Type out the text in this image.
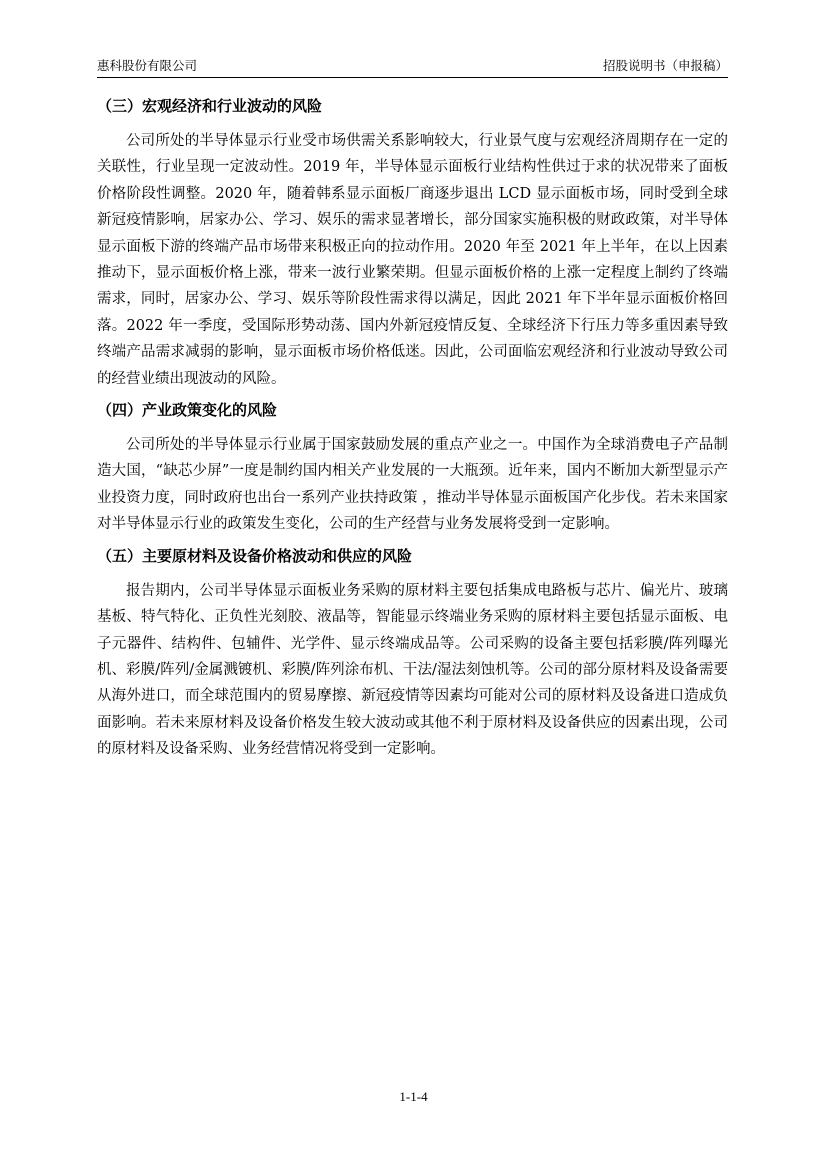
惠科股份有限公司	招股说明书（申报稿）
（三）宏观经济和行业波动的风险

公司所处的半导体显示行业受市场供需关系影响较大，行业景气度与宏观经济周期存在一定的关联性，行业呈现一定波动性。2019 年，半导体显示面板行业结构性供过于求的状况带来了面板价格阶段性调整。2020 年，随着韩系显示面板厂商逐步退出 LCD 显示面板市场，同时受到全球新冠疫情影响，居家办公、学习、娱乐的需求显著增长，部分国家实施积极的财政政策，对半导体显示面板下游的终端产品市场带来积极正向的拉动作用。2020 年至 2021 年上半年，在以上因素推动下，显示面板价格上涨，带来一波行业繁荣期。但显示面板价格的上涨一定程度上制约了终端需求，同时，居家办公、学习、娱乐等阶段性需求得以满足，因此 2021 年下半年显示面板价格回落。2022 年一季度，受国际形势动荡、国内外新冠疫情反复、全球经济下行压力等多重因素导致终端产品需求减弱的影响，显示面板市场价格低迷。因此，公司面临宏观经济和行业波动导致公司的经营业绩出现波动的风险。

（四）产业政策变化的风险

公司所处的半导体显示行业属于国家鼓励发展的重点产业之一。中国作为全球消费电子产品制造大国，“缺芯少屏”一度是制约国内相关产业发展的一大瓶颈。近年来，国内不断加大新型显示产业投资力度，同时政府也出台一系列产业扶持政策 ，推动半导体显示面板国产化步伐。若未来国家对半导体显示行业的政策发生变化，公司的生产经营与业务发展将受到一定影响。

（五）主要原材料及设备价格波动和供应的风险

报告期内，公司半导体显示面板业务采购的原材料主要包括集成电路板与芯片、偏光片、玻璃基板、特气特化、正负性光刻胶、液晶等，智能显示终端业务采购的原材料主要包括显示面板、电子元器件、结构件、包辅件、光学件、显示终端成品等。公司采购的设备主要包括彩膜/阵列曝光机、彩膜/阵列/金属溅镀机、彩膜/阵列涂布机、干法/湿法刻蚀机等。公司的部分原材料及设备需要从海外进口，而全球范围内的贸易摩擦、新冠疫情等因素均可能对公司的原材料及设备进口造成负面影响。若未来原材料及设备价格发生较大波动或其他不利于原材料及设备供应的因素出现，公司的原材料及设备采购、业务经营情况将受到一定影响。

1-1-4
